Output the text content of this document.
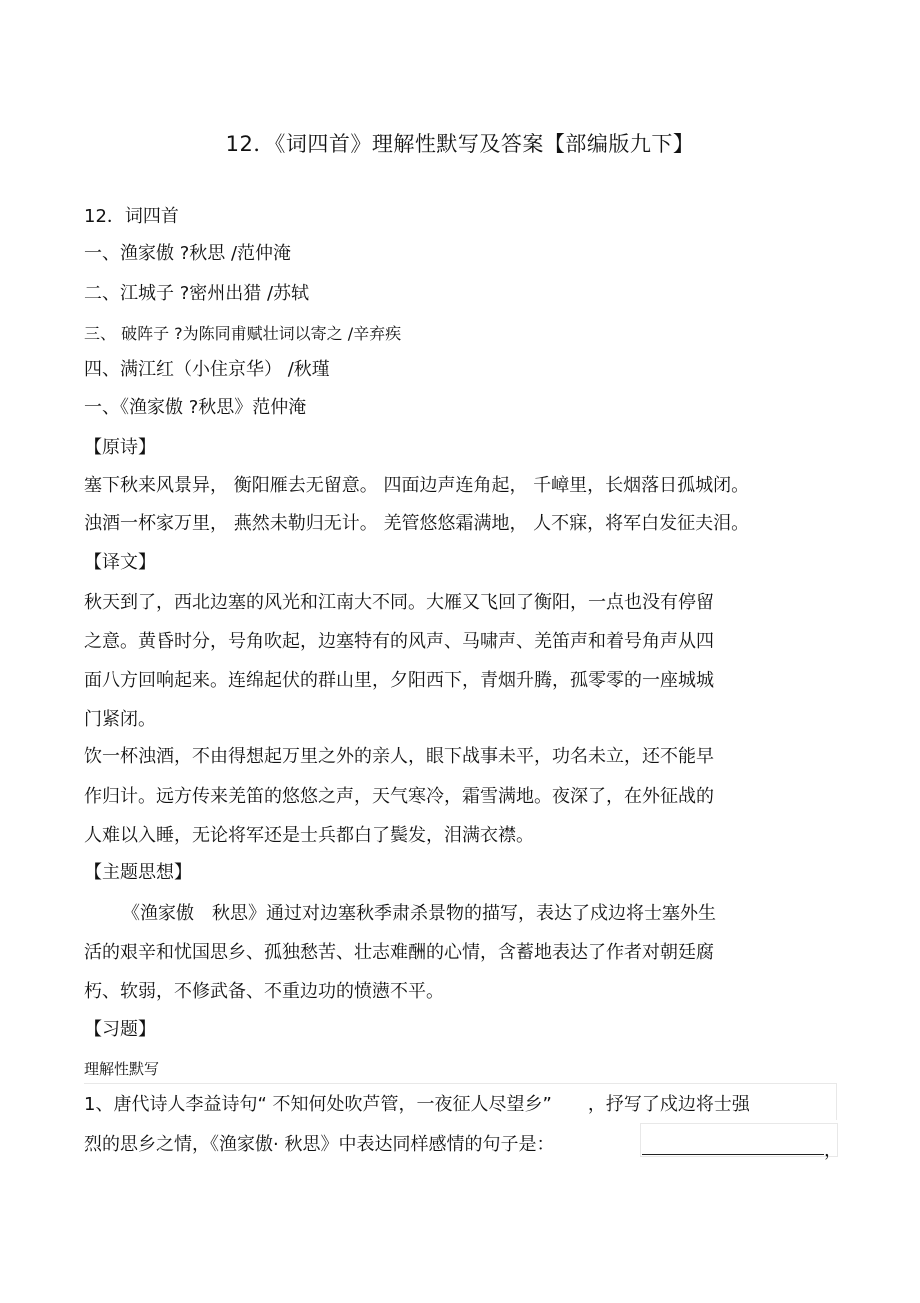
12．《词四首》理解性默写及答案【部编版九下】
12．词四首
一、渔家傲 ?秋思 /范仲淹
二、江城子 ?密州出猎 /苏轼
三、 破阵子 ?为陈同甫赋壮词以寄之 /辛弃疾
四、满江红（小住京华） /秋瑾
一、《渔家傲 ?秋思》范仲淹
【原诗】
塞下秋来风景异， 衡阳雁去无留意。 四面边声连角起， 千嶂里，长烟落日孤城闭。
浊酒一杯家万里， 燕然未勒归无计。 羌管悠悠霜满地， 人不寐，将军白发征夫泪。
【译文】
秋天到了，西北边塞的风光和江南大不同。大雁又飞回了衡阳，一点也没有停留
之意。黄昏时分，号角吹起，边塞特有的风声、马啸声、羌笛声和着号角声从四
面八方回响起来。连绵起伏的群山里，夕阳西下，青烟升腾，孤零零的一座城城
门紧闭。
饮一杯浊酒，不由得想起万里之外的亲人，眼下战事未平，功名未立，还不能早
作归计。远方传来羌笛的悠悠之声，天气寒冷，霜雪满地。夜深了，在外征战的
人难以入睡，无论将军还是士兵都白了鬓发，泪满衣襟。
【主题思想】
《渔家傲　秋思》通过对边塞秋季肃杀景物的描写，表达了戍边将士塞外生
活的艰辛和忧国思乡、孤独愁苦、壮志难酬的心情，含蓄地表达了作者对朝廷腐
朽、软弱，不修武备、不重边功的愤懑不平。
【习题】
理解性默写
1、唐代诗人李益诗句“ 不知何处吹芦管，一夜征人尽望乡”　　，抒写了戍边将士强
烈的思乡之情，《渔家傲· 秋思》中表达同样感情的句子是：	，
